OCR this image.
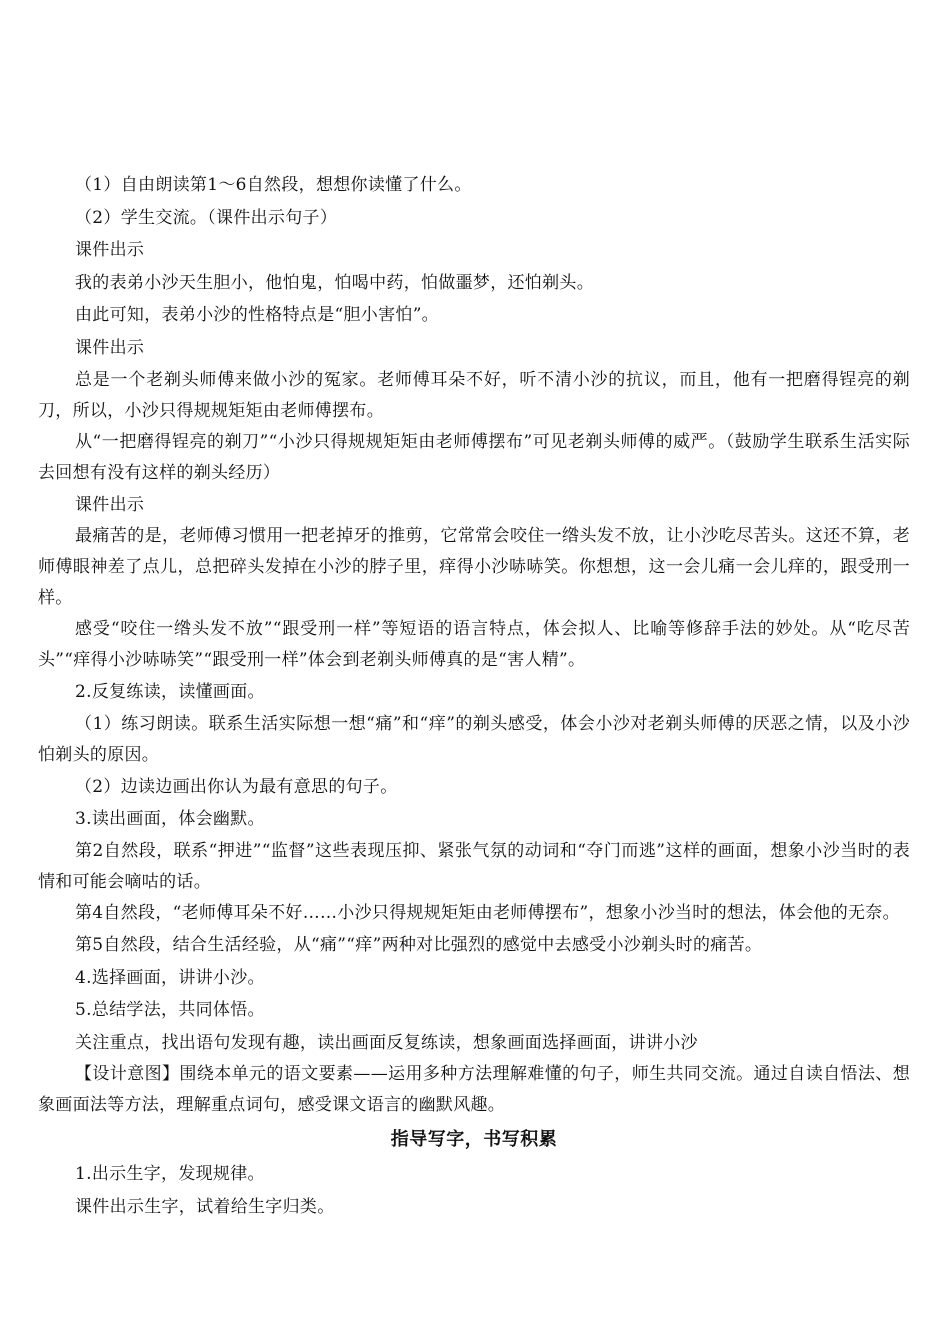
（1）自由朗读第1～6自然段，想想你读懂了什么。

（2）学生交流。（课件出示句子）

课件出示

我的表弟小沙天生胆小，他怕鬼，怕喝中药，怕做噩梦，还怕剃头。

由此可知，表弟小沙的性格特点是“胆小害怕”。

课件出示

总是一个老剃头师傅来做小沙的冤家。老师傅耳朵不好，听不清小沙的抗议，而且，他有一把磨得锃亮的剃刀，所以，小沙只得规规矩矩由老师傅摆布。

从“一把磨得锃亮的剃刀”“小沙只得规规矩矩由老师傅摆布”可见老剃头师傅的威严。（鼓励学生联系生活实际去回想有没有这样的剃头经历）

课件出示

最痛苦的是，老师傅习惯用一把老掉牙的推剪，它常常会咬住一绺头发不放，让小沙吃尽苦头。这还不算，老师傅眼神差了点儿，总把碎头发掉在小沙的脖子里，痒得小沙哧哧笑。你想想，这一会儿痛一会儿痒的，跟受刑一样。

感受“咬住一绺头发不放”“跟受刑一样”等短语的语言特点，体会拟人、比喻等修辞手法的妙处。从“吃尽苦头”“痒得小沙哧哧笑”“跟受刑一样”体会到老剃头师傅真的是“害人精”。

2.反复练读，读懂画面。

（1）练习朗读。联系生活实际想一想“痛”和“痒”的剃头感受，体会小沙对老剃头师傅的厌恶之情，以及小沙怕剃头的原因。

（2）边读边画出你认为最有意思的句子。

3.读出画面，体会幽默。

第2自然段，联系“押进”“监督”这些表现压抑、紧张气氛的动词和“夺门而逃”这样的画面，想象小沙当时的表情和可能会嘀咕的话。

第4自然段，“老师傅耳朵不好……小沙只得规规矩矩由老师傅摆布”，想象小沙当时的想法，体会他的无奈。

第5自然段，结合生活经验，从“痛”“痒”两种对比强烈的感觉中去感受小沙剃头时的痛苦。

4.选择画面，讲讲小沙。

5.总结学法，共同体悟。

关注重点，找出语句发现有趣，读出画面反复练读，想象画面选择画面，讲讲小沙

【设计意图】围绕本单元的语文要素——运用多种方法理解难懂的句子，师生共同交流。通过自读自悟法、想象画面法等方法，理解重点词句，感受课文语言的幽默风趣。

指导写字，书写积累

1.出示生字，发现规律。

课件出示生字，试着给生字归类。
